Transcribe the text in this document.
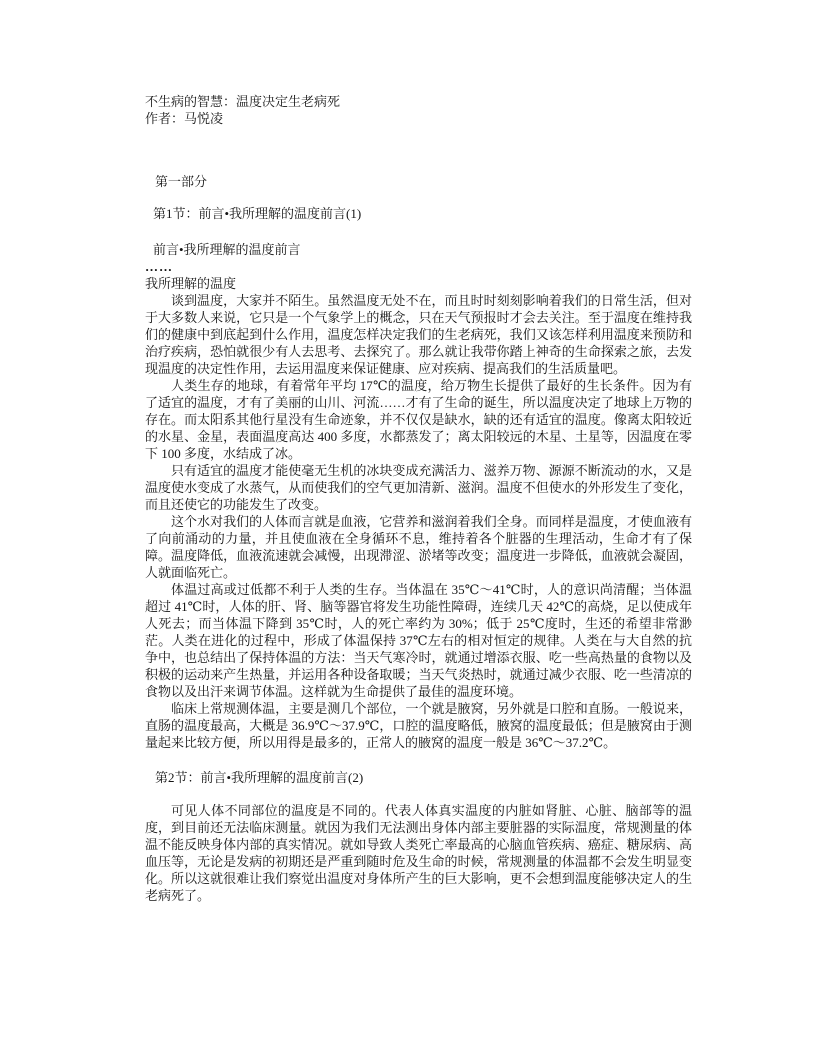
不生病的智慧：温度决定生老病死
作者：马悦凌
第一部分
第1节：前言•我所理解的温度前言(1)
前言•我所理解的温度前言
……
我所理解的温度

谈到温度，大家并不陌生。虽然温度无处不在，而且时时刻刻影响着我们的日常生活，但对于大多数人来说，它只是一个气象学上的概念，只在天气预报时才会去关注。至于温度在维持我们的健康中到底起到什么作用，温度怎样决定我们的生老病死，我们又该怎样利用温度来预防和治疗疾病，恐怕就很少有人去思考、去探究了。那么就让我带你踏上神奇的生命探索之旅，去发现温度的决定性作用，去运用温度来保证健康、应对疾病、提高我们的生活质量吧。

人类生存的地球，有着常年平均 17℃的温度，给万物生长提供了最好的生长条件。因为有了适宜的温度，才有了美丽的山川、河流……才有了生命的诞生，所以温度决定了地球上万物的存在。而太阳系其他行星没有生命迹象，并不仅仅是缺水，缺的还有适宜的温度。像离太阳较近的水星、金星，表面温度高达 400 多度，水都蒸发了；离太阳较远的木星、土星等，因温度在零下 100 多度，水结成了冰。

只有适宜的温度才能使毫无生机的冰块变成充满活力、滋养万物、源源不断流动的水，又是温度使水变成了水蒸气，从而使我们的空气更加清新、滋润。温度不但使水的外形发生了变化，而且还使它的功能发生了改变。

这个水对我们的人体而言就是血液，它营养和滋润着我们全身。而同样是温度，才使血液有了向前涌动的力量，并且使血液在全身循环不息，维持着各个脏器的生理活动，生命才有了保障。温度降低，血液流速就会减慢，出现滞涩、淤堵等改变；温度进一步降低，血液就会凝固，人就面临死亡。

体温过高或过低都不利于人类的生存。当体温在 35℃～41℃时，人的意识尚清醒；当体温超过 41℃时，人体的肝、肾、脑等器官将发生功能性障碍，连续几天 42℃的高烧，足以使成年人死去；而当体温下降到 35℃时，人的死亡率约为 30%；低于 25℃度时，生还的希望非常渺茫。人类在进化的过程中，形成了体温保持 37℃左右的相对恒定的规律。人类在与大自然的抗争中，也总结出了保持体温的方法：当天气寒冷时，就通过增添衣服、吃一些高热量的食物以及积极的运动来产生热量，并运用各种设备取暖；当天气炎热时，就通过减少衣服、吃一些清凉的食物以及出汗来调节体温。这样就为生命提供了最佳的温度环境。

临床上常规测体温，主要是测几个部位，一个就是腋窝，另外就是口腔和直肠。一般说来，直肠的温度最高，大概是 36.9℃～37.9℃，口腔的温度略低，腋窝的温度最低；但是腋窝由于测量起来比较方便，所以用得是最多的，正常人的腋窝的温度一般是 36℃～37.2℃。

第2节：前言•我所理解的温度前言(2)

可见人体不同部位的温度是不同的。代表人体真实温度的内脏如肾脏、心脏、脑部等的温度，到目前还无法临床测量。就因为我们无法测出身体内部主要脏器的实际温度，常规测量的体温不能反映身体内部的真实情况。就如导致人类死亡率最高的心脑血管疾病、癌症、糖尿病、高血压等，无论是发病的初期还是严重到随时危及生命的时候，常规测量的体温都不会发生明显变化。所以这就很难让我们察觉出温度对身体所产生的巨大影响，更不会想到温度能够决定人的生老病死了。
